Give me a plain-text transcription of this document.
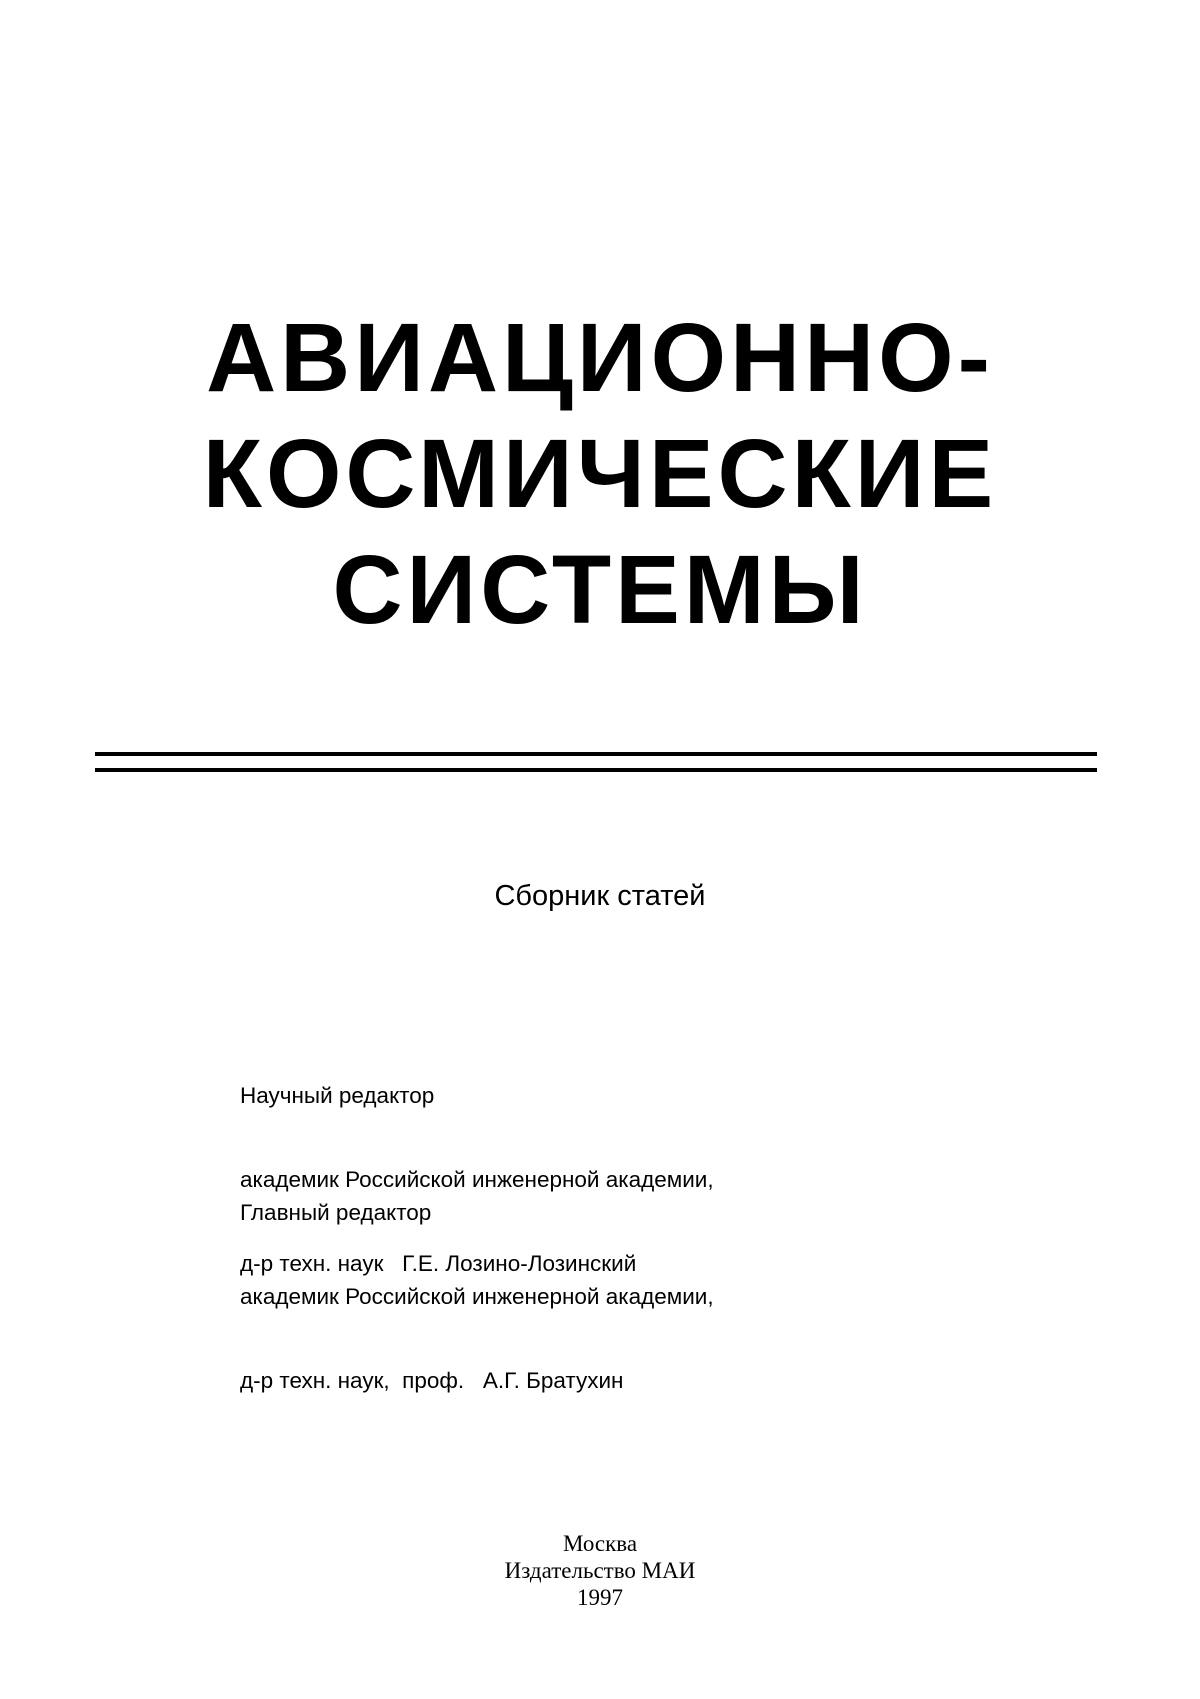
АВИАЦИОННО-
КОСМИЧЕСКИЕ
СИСТЕМЫ
Сборник статей

Научный редактор

академик Российской инженерной академии,

д-р техн. наук   Г.Е. Лозино-Лозинский

Главный редактор

академик Российской инженерной академии,

д-р техн. наук,  проф.   А.Г. Братухин

Москва
Издательство МАИ
1997
